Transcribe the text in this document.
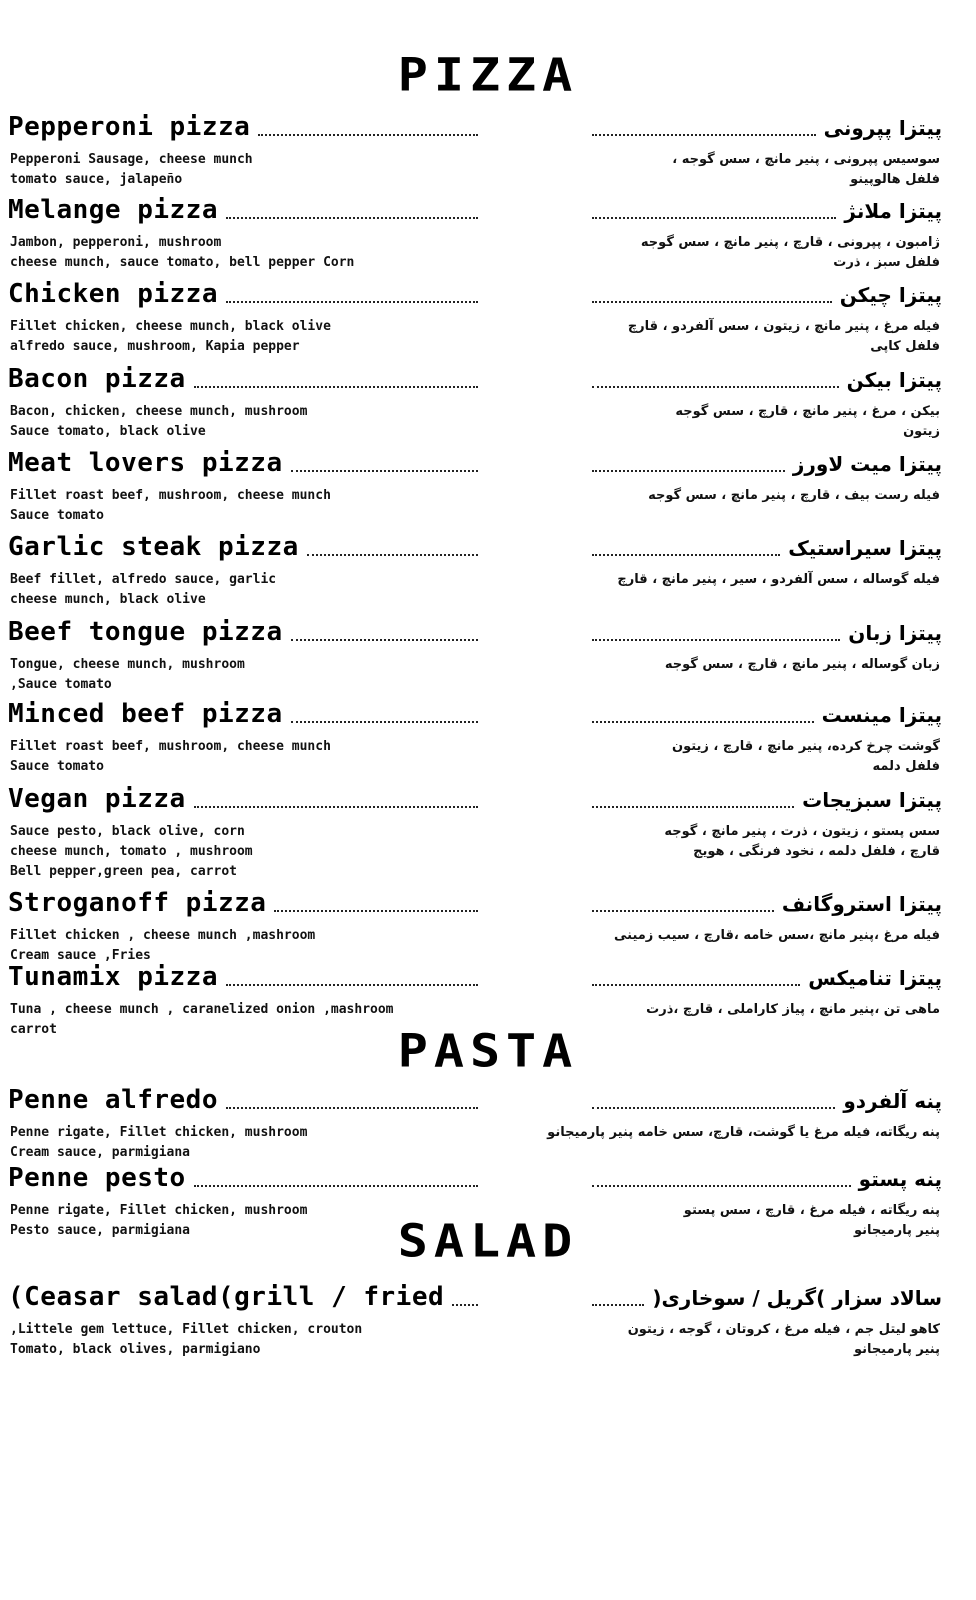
PIZZA
PASTA
SALAD
Pepperoni pizza	پیتزا پپرونی
Pepperoni Sausage, cheese munch
tomato sauce, jalapeño
سوسیس پپرونی ، پنیر مانچ ، سس گوجه ،
فلفل هالوپینو
Melange pizza	پیتزا ملانژ
Jambon, pepperoni, mushroom
cheese munch, sauce tomato, bell pepper Corn
ژامبون ، پپرونی ، قارچ ، پنیر مانچ ، سس گوجه
فلفل سبز ، ذرت
Chicken pizza	پیتزا چیکن
Fillet chicken, cheese munch, black olive
alfredo sauce, mushroom, Kapia pepper
فیله مرغ ، پنیر مانچ ، زیتون ، سس آلفردو ، قارچ
فلفل کاپی
Bacon pizza	پیتزا بیکن
Bacon, chicken, cheese munch, mushroom
Sauce tomato, black olive
بیکن ، مرغ ، پنیر مانچ ، قارچ ، سس گوجه
زیتون
Meat lovers pizza	پیتزا میت لاورز
Fillet roast beef, mushroom, cheese munch
Sauce tomato
فیله رست بیف ، قارچ ، پنیر مانچ ، سس گوجه
Garlic steak pizza	پیتزا سیراستیک
Beef fillet, alfredo sauce, garlic
cheese munch, black olive
فیله گوساله ، سس آلفردو ، سیر ، پنیر مانچ ، قارچ
Beef tongue pizza	پیتزا زبان
Tongue, cheese munch, mushroom
,Sauce tomato
زبان گوساله ، پنیر مانچ ، قارچ ، سس گوجه
Minced beef pizza	پیتزا مینست
Fillet roast beef, mushroom, cheese munch
Sauce tomato
گوشت چرخ کرده، پنیر مانچ ، قارچ ، زیتون
فلفل دلمه
Vegan pizza	پیتزا سبزیجات
Sauce pesto, black olive, corn
cheese munch, tomato , mushroom
Bell pepper,green pea, carrot
سس پستو ، زیتون ، ذرت ، پنیر مانچ ، گوجه
قارچ ، فلفل دلمه ، نخود فرنگی ، هویج
Stroganoff pizza	پیتزا استروگانف
Fillet chicken , cheese munch ,mashroom
Cream sauce ,Fries
فیله مرغ ،پنیر مانچ ،سس خامه ،قارچ ، سیب زمینی
Tunamix pizza	پیتزا تنامیکس
Tuna , cheese munch , caranelized onion ,mashroom
carrot
ماهی تن ،پنیر مانچ ، پیاز کاراملی ، قارچ ،ذرت
Penne alfredo	پنه آلفردو
Penne rigate, Fillet chicken, mushroom
Cream sauce, parmigiana
پنه ریگاته، فیله مرغ یا گوشت، قارچ، سس خامه پنیر پارمیجانو
Penne pesto	پنه پستو
Penne rigate, Fillet chicken, mushroom
Pesto sauce, parmigiana
پنه ریگاته ، فیله مرغ ، قارچ ، سس پستو
پنیر پارمیجانو
(Ceasar salad(grill / fried	سالاد سزار )گریل / سوخاری(
,Littele gem lettuce, Fillet chicken, crouton
Tomato, black olives, parmigiano
کاهو لیتل جم ، فیله مرغ ، کروتان ، گوجه ، زیتون
پنیر پارمیجانو
